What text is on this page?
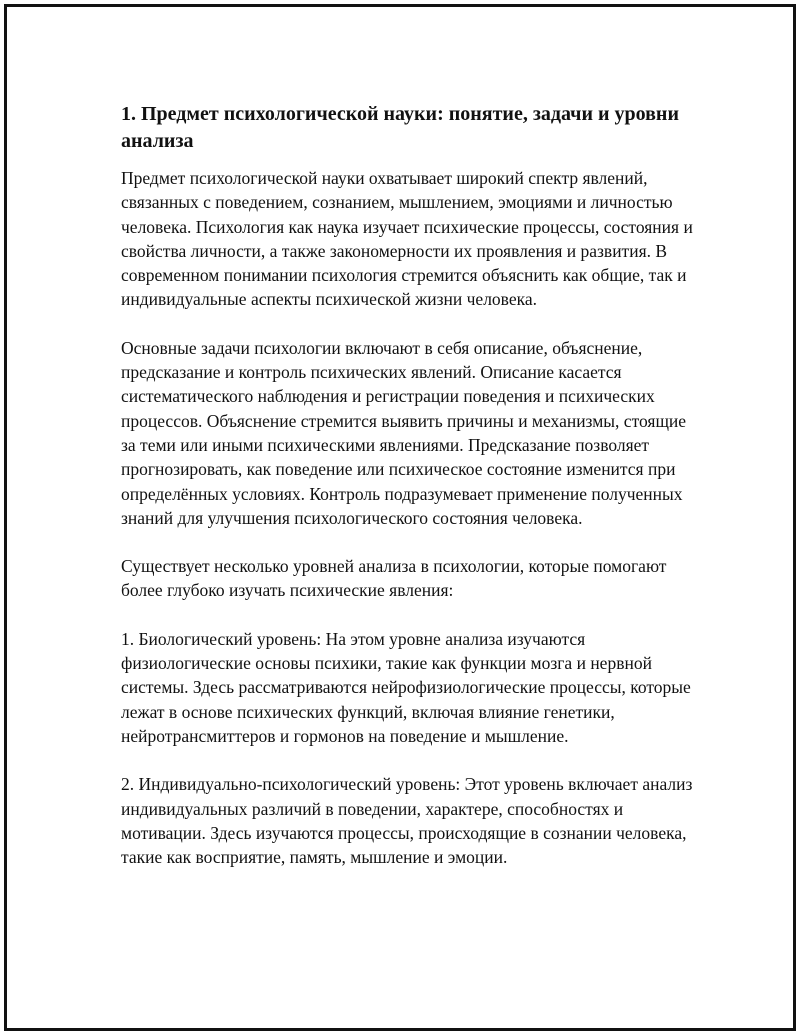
1. Предмет психологической науки: понятие, задачи и уровни анализа

Предмет психологической науки охватывает широкий спектр явлений, связанных с поведением, сознанием, мышлением, эмоциями и личностью человека. Психология как наука изучает психические процессы, состояния и свойства личности, а также закономерности их проявления и развития. В современном понимании психология стремится объяснить как общие, так и индивидуальные аспекты психической жизни человека.

Основные задачи психологии включают в себя описание, объяснение, предсказание и контроль психических явлений. Описание касается систематического наблюдения и регистрации поведения и психических процессов. Объяснение стремится выявить причины и механизмы, стоящие за теми или иными психическими явлениями. Предсказание позволяет прогнозировать, как поведение или психическое состояние изменится при определённых условиях. Контроль подразумевает применение полученных знаний для улучшения психологического состояния человека.

Существует несколько уровней анализа в психологии, которые помогают более глубоко изучать психические явления:

1. Биологический уровень: На этом уровне анализа изучаются физиологические основы психики, такие как функции мозга и нервной системы. Здесь рассматриваются нейрофизиологические процессы, которые лежат в основе психических функций, включая влияние генетики, нейротрансмиттеров и гормонов на поведение и мышление.

2. Индивидуально-психологический уровень: Этот уровень включает анализ индивидуальных различий в поведении, характере, способностях и мотивации. Здесь изучаются процессы, происходящие в сознании человека, такие как восприятие, память, мышление и эмоции.
